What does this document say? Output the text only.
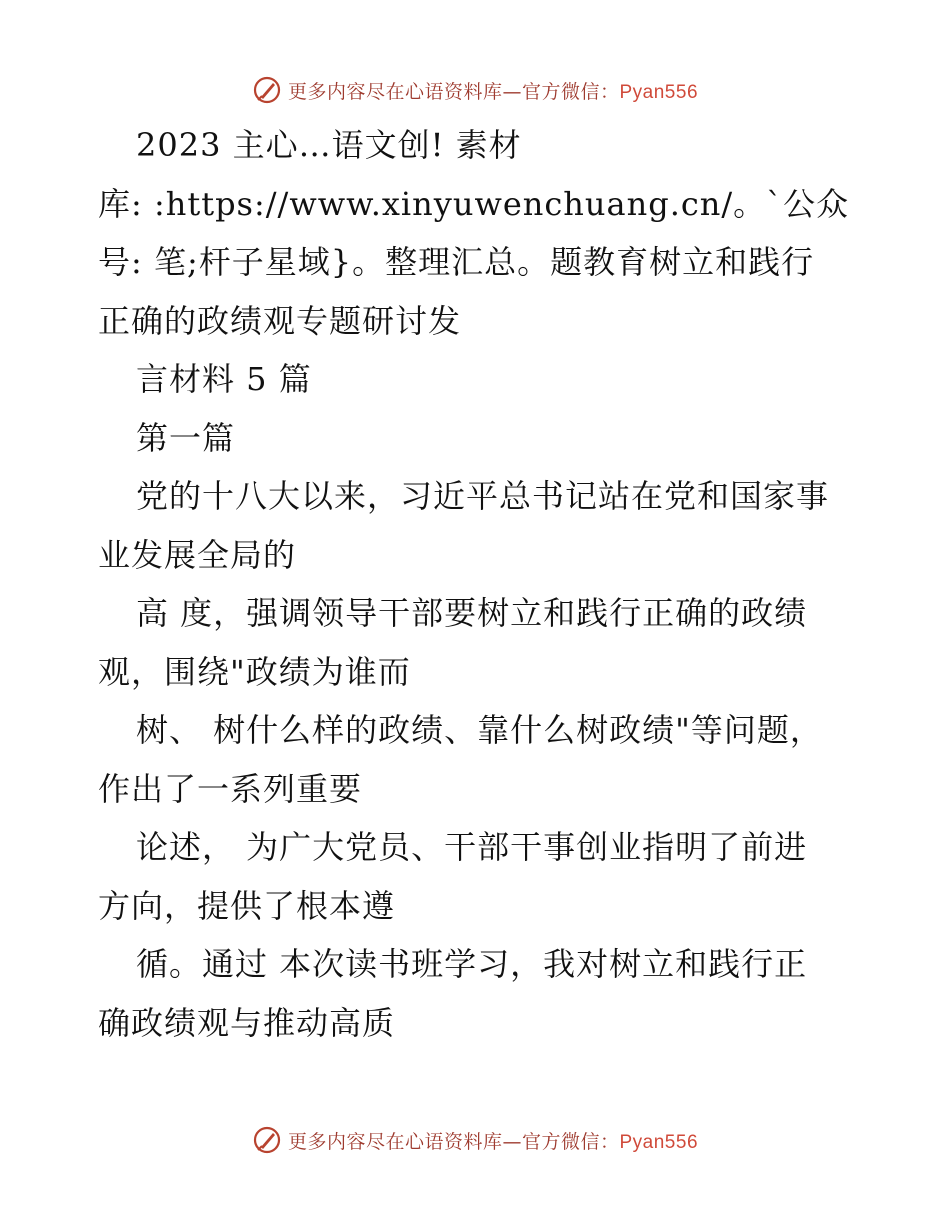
更多内容尽在心语资料库—官方微信：Pyan556
2023 主心…语文创! 素材
库: :https://www.xinyuwenchuang.cn/。`公众
号: 笔;杆子星域}。整理汇总。题教育树立和践行
正确的政绩观专题研讨发
言材料 5 篇
第一篇
党的十八大以来，习近平总书记站在党和国家事
业发展全局的
高 度，强调领导干部要树立和践行正确的政绩
观，围绕"政绩为谁而
树、 树什么样的政绩、靠什么树政绩"等问题，
作出了一系列重要
论述， 为广大党员、干部干事创业指明了前进
方向，提供了根本遵
循。通过 本次读书班学习，我对树立和践行正
确政绩观与推动高质
更多内容尽在心语资料库—官方微信：Pyan556
